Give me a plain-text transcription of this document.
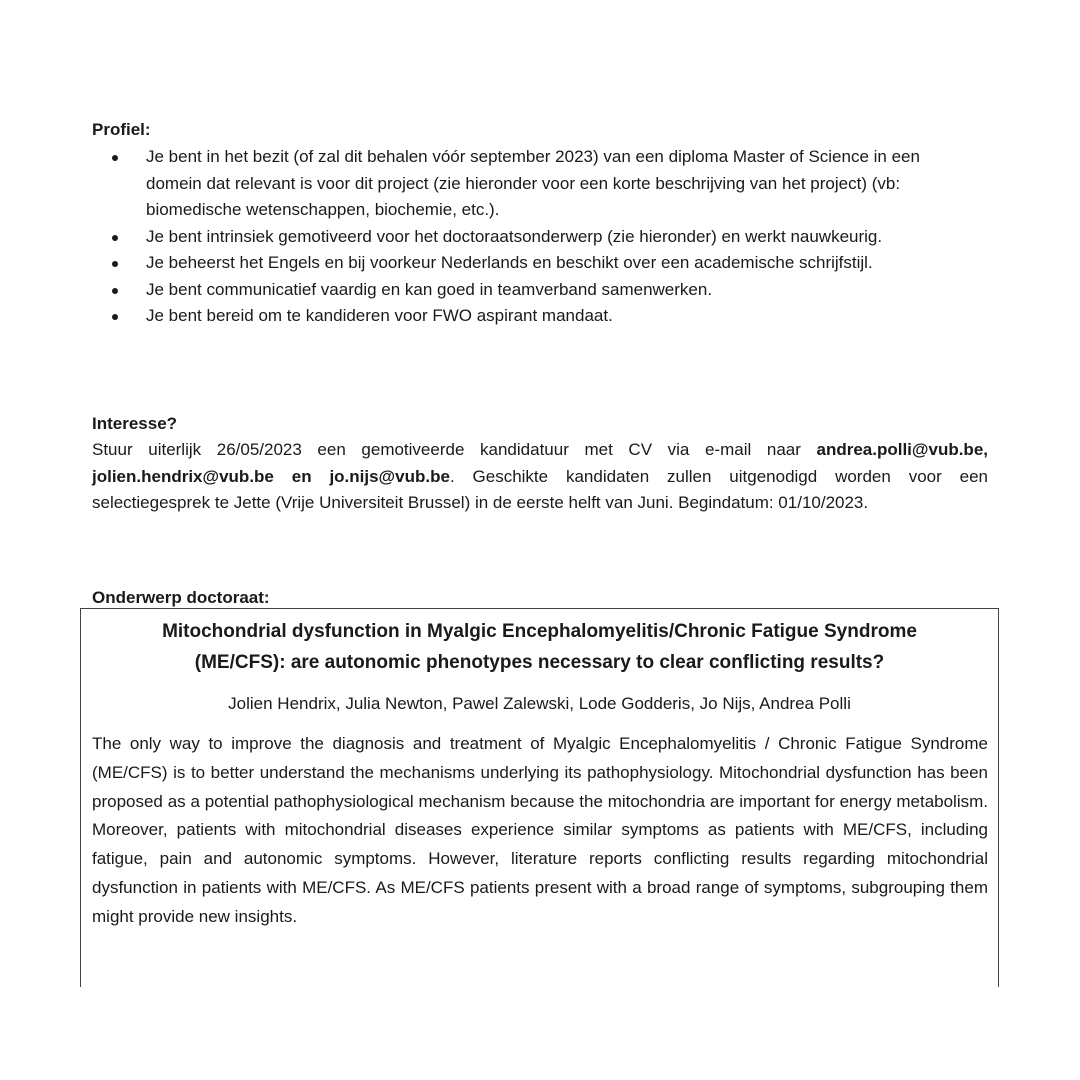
Profiel:

Je bent in het bezit (of zal dit behalen vóór september 2023) van een diploma Master of Science in een domein dat relevant is voor dit project (zie hieronder voor een korte beschrijving van het project) (vb: biomedische wetenschappen, biochemie, etc.).
Je bent intrinsiek gemotiveerd voor het doctoraatsonderwerp (zie hieronder) en werkt nauwkeurig.
Je beheerst het Engels en bij voorkeur Nederlands en beschikt over een academische schrijfstijl.
Je bent communicatief vaardig en kan goed in teamverband samenwerken.
Je bent bereid om te kandideren voor FWO aspirant mandaat.

Interesse?

Stuur uiterlijk 26/05/2023 een gemotiveerde kandidatuur met CV via e-mail naar andrea.polli@vub.be, jolien.hendrix@vub.be en jo.nijs@vub.be. Geschikte kandidaten zullen uitgenodigd worden voor een selectiegesprek te Jette (Vrije Universiteit Brussel) in de eerste helft van Juni. Begindatum: 01/10/2023.

Onderwerp doctoraat:

Mitochondrial dysfunction in Myalgic Encephalomyelitis/Chronic Fatigue Syndrome
(ME/CFS): are autonomic phenotypes necessary to clear conflicting results?

Jolien Hendrix, Julia Newton, Pawel Zalewski, Lode Godderis, Jo Nijs, Andrea Polli

The only way to improve the diagnosis and treatment of Myalgic Encephalomyelitis / Chronic Fatigue Syndrome (ME/CFS) is to better understand the mechanisms underlying its pathophysiology. Mitochondrial dysfunction has been proposed as a potential pathophysiological mechanism because the mitochondria are important for energy metabolism. Moreover, patients with mitochondrial diseases experience similar symptoms as patients with ME/CFS, including fatigue, pain and autonomic symptoms. However, literature reports conflicting results regarding mitochondrial dysfunction in patients with ME/CFS. As ME/CFS patients present with a broad range of symptoms, subgrouping them might provide new insights.
